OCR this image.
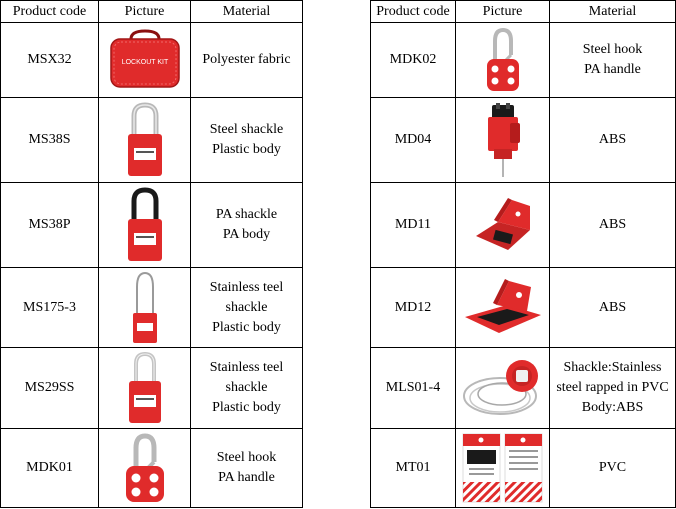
Product code	Picture	Material
MSX32	LOCKOUT KIT	Polyester fabric

MS38S		Steel shackle
Plastic body

MS38P		PA shackle
PA body

MS175-3		Stainless teel
shackle
Plastic body

MS29SS		Stainless teel
shackle
Plastic body

MDK01		Steel hook
PA handle
Product code	Picture	Material
MDK02		Steel hook
PA handle

MD04		ABS

MD11		ABS

MD12		ABS

MLS01-4		Shackle:Stainless
steel rapped in PVC
Body:ABS

MT01		PVC
